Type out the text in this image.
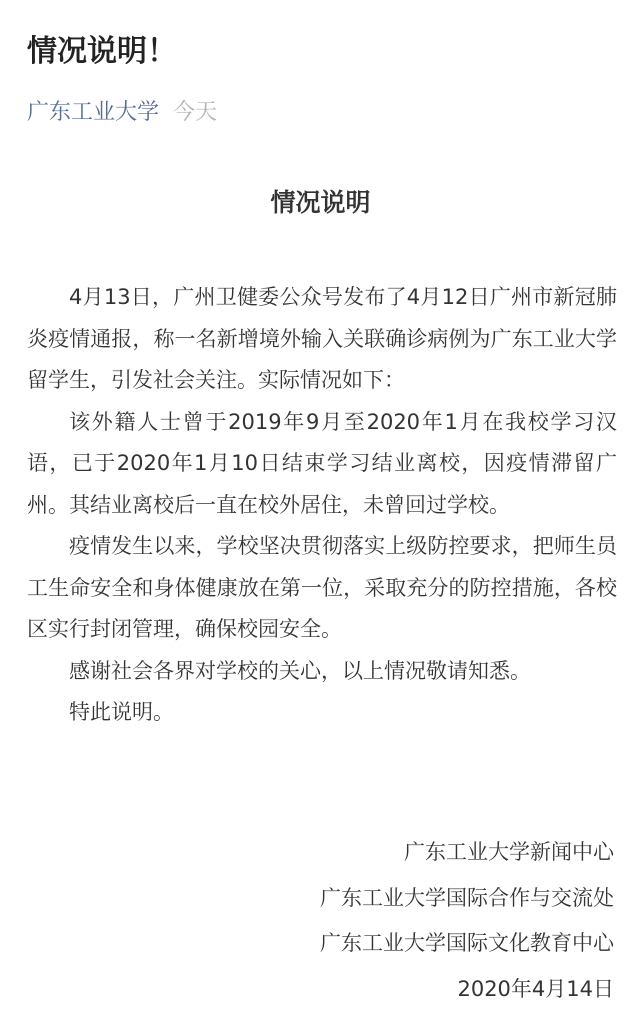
情况说明！
广东工业大学 今天
情况说明

4月13日，广州卫健委公众号发布了4月12日广州市新冠肺炎疫情通报，称一名新增境外输入关联确诊病例为广东工业大学留学生，引发社会关注。实际情况如下：

该外籍人士曾于2019年9月至2020年1月在我校学习汉语，已于2020年1月10日结束学习结业离校，因疫情滞留广州。其结业离校后一直在校外居住，未曾回过学校。

疫情发生以来，学校坚决贯彻落实上级防控要求，把师生员工生命安全和身体健康放在第一位，采取充分的防控措施，各校区实行封闭管理，确保校园安全。

感谢社会各界对学校的关心，以上情况敬请知悉。

特此说明。

广东工业大学新闻中心
广东工业大学国际合作与交流处
广东工业大学国际文化教育中心
2020年4月14日
